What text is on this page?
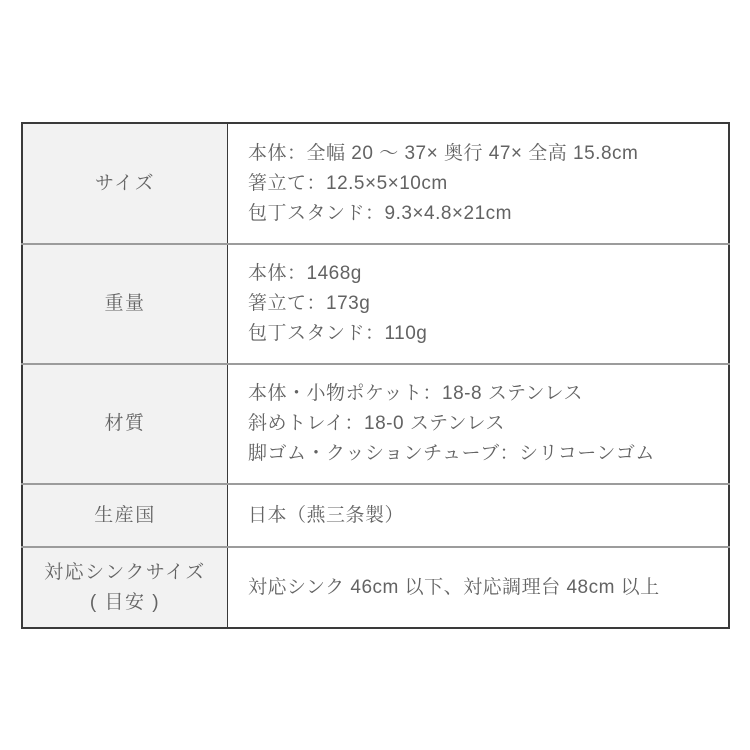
サイズ	本体：全幅 20 〜 37× 奥行 47× 全高 15.8cm
箸立て：12.5×5×10cm
包丁スタンド：9.3×4.8×21cm

重量	本体：1468g
箸立て：173g
包丁スタンド：110g

材質	本体・小物ポケット：18-8 ステンレス
斜めトレイ：18-0 ステンレス
脚ゴム・クッションチューブ：シリコーンゴム

生産国	日本（燕三条製）

対応シンクサイズ
( 目安 )	対応シンク 46cm 以下、対応調理台 48cm 以上
